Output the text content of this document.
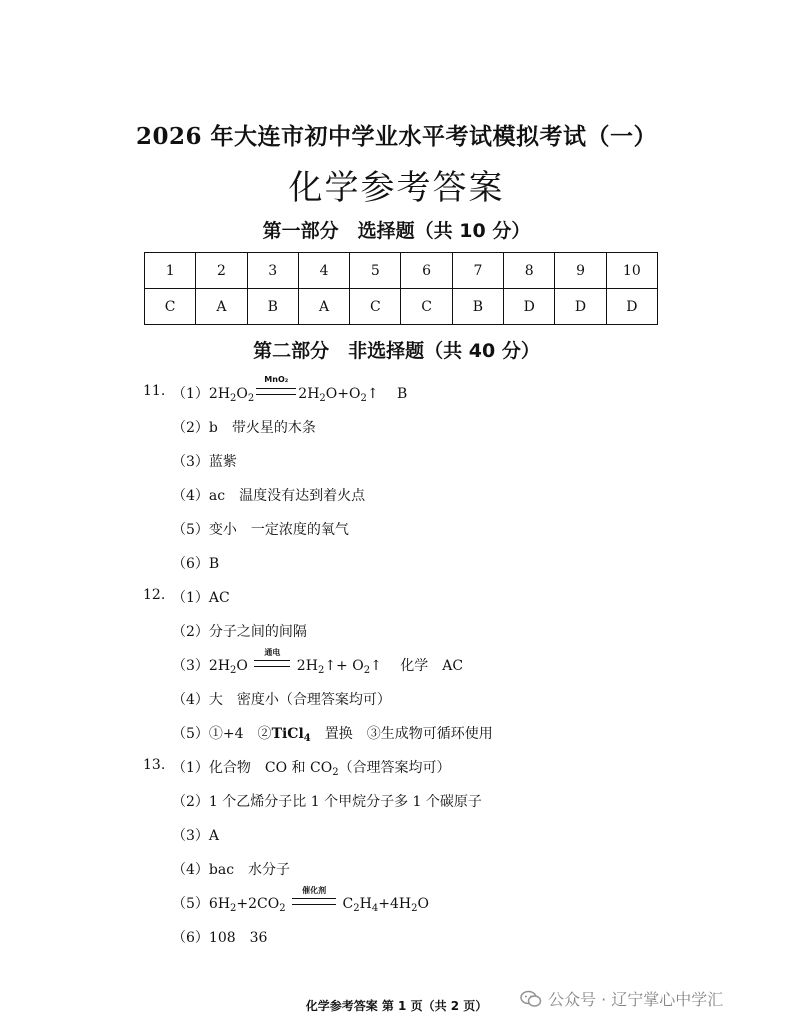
2026 年大连市初中学业水平考试模拟考试（一）
化学参考答案
第一部分　选择题（共 10 分）
1	2	3	4	5	6	7	8	9	10
C	A	B	A	C	C	B	D	D	D
第二部分　非选择题（共 40 分）
11. $(1)2H_2O_2$
MnO₂
$2H_2O+O_2↑$　 B
（2）b　带火星的木条
（3）蓝紫
（4）ac　温度没有达到着火点
（5）变小　一定浓度的氧气
（6）B
12. （1）AC
（2）分子之间的间隔
$(3)2H_2O$
通电
$2H_2↑+$ $O_2↑$　 化学　AC
（4）大　密度小（合理答案均可）
（5）①+4　②TiCl$_4$　 置换　③生成物可循环使用
13. （1）化合物　CO 和 $CO_2$（合理答案均可）
（2）1 个乙烯分子比 1 个甲烷分子多 1 个碳原子
（3）A
（4）bac　水分子
$(5)6H_2+2CO_2$
催化剂
$C_2H_4+4H_2O$
（6）108　36
化学参考答案 第 1 页（共 2 页）	公众号 · 辽宁掌心中学汇
